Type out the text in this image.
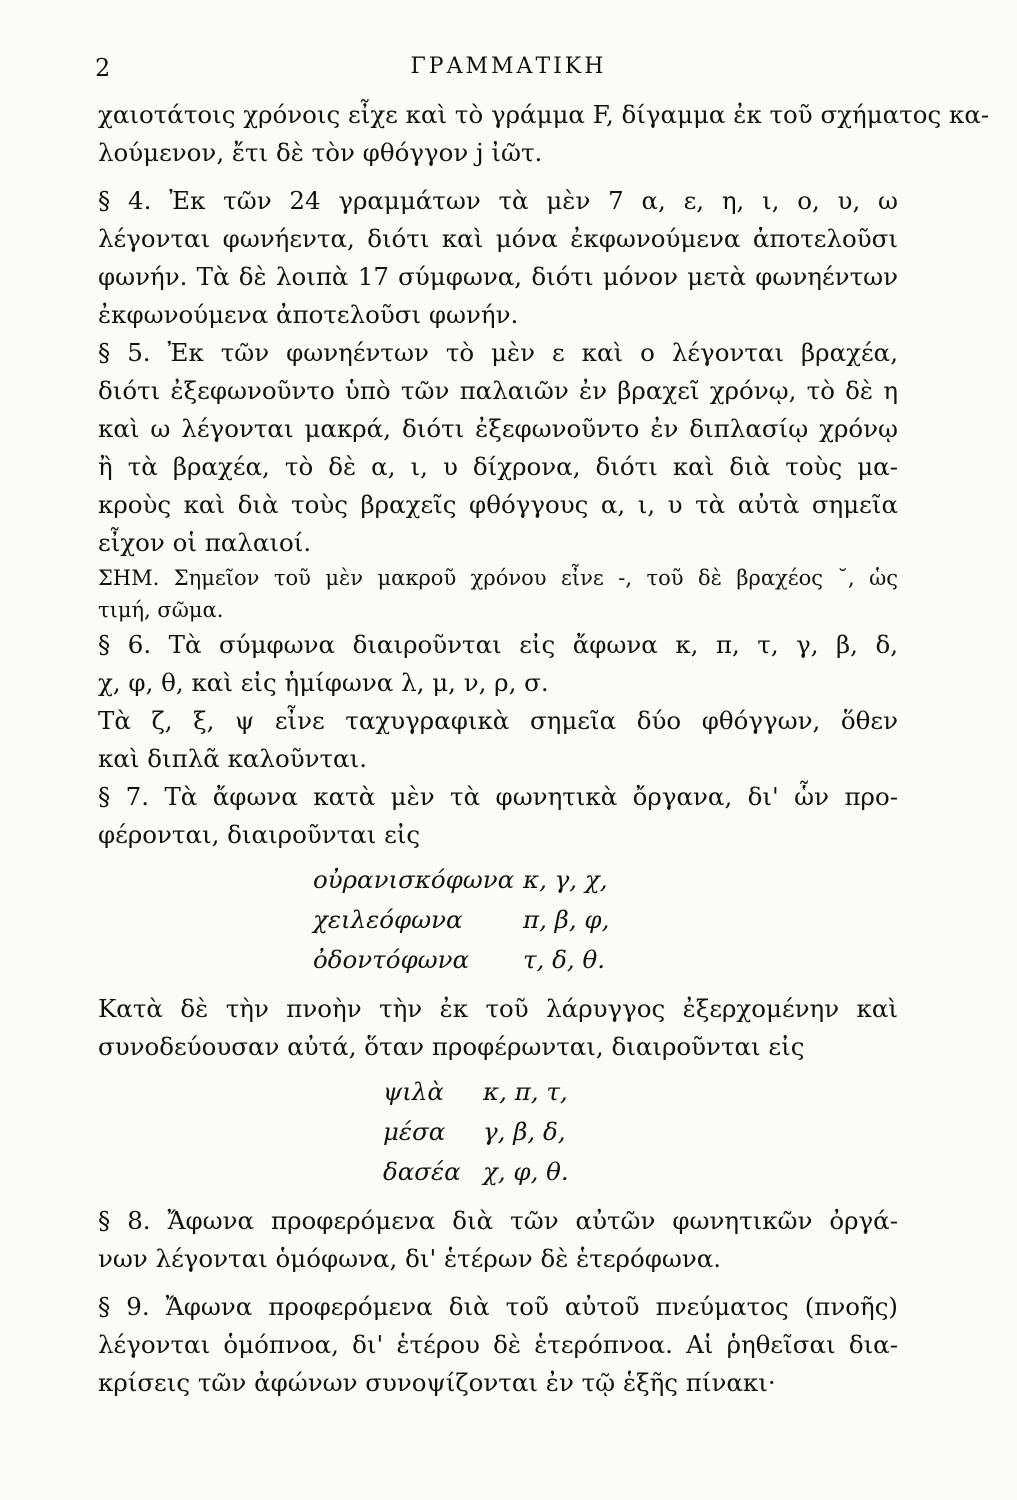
2	ΓΡΑΜΜΑΤΙΚΗ
χαιοτάτοις χρόνοις εἶχε καὶ τὸ γράμμα F, δίγαμμα ἐκ τοῦ σχήματος κα-
λούμενον, ἔτι δὲ τὸν φθόγγον j ἰῶτ.
§ 4. Ἐκ τῶν 24 γραμμάτων τὰ μὲν 7 α, ε, η, ι, ο, υ, ω
λέγονται φωνήεντα, διότι καὶ μόνα ἐκφωνούμενα ἀποτελοῦσι
φωνήν. Τὰ δὲ λοιπὰ 17 σύμφωνα, διότι μόνον μετὰ φωνηέντων
ἐκφωνούμενα ἀποτελοῦσι φωνήν.
§ 5. Ἐκ τῶν φωνηέντων τὸ μὲν ε καὶ ο λέγονται βραχέα,
διότι ἐξεφωνοῦντο ὑπὸ τῶν παλαιῶν ἐν βραχεῖ χρόνῳ, τὸ δὲ η
καὶ ω λέγονται μακρά, διότι ἐξεφωνοῦντο ἐν διπλασίῳ χρόνῳ
ἢ τὰ βραχέα, τὸ δὲ α, ι, υ δίχρονα, διότι καὶ διὰ τοὺς μα-
κροὺς καὶ διὰ τοὺς βραχεῖς φθόγγους α, ι, υ τὰ αὐτὰ σημεῖα
εἶχον οἱ παλαιοί.
ΣΗΜ. Σημεῖον τοῦ μὲν μακροῦ χρόνου εἶνε -, τοῦ δὲ βραχέος ˘, ὡς
τιμή, σῶμα.
§ 6. Τὰ σύμφωνα διαιροῦνται εἰς ἄφωνα κ, π, τ, γ, β, δ,
χ, φ, θ, καὶ εἰς ἡμίφωνα λ, μ, ν, ρ, σ.
Τὰ ζ, ξ, ψ εἶνε ταχυγραφικὰ σημεῖα δύο φθόγγων, ὅθεν
καὶ διπλᾶ καλοῦνται.
§ 7. Τὰ ἄφωνα κατὰ μὲν τὰ φωνητικὰ ὄργανα, δι' ὧν προ-
φέρονται, διαιροῦνται εἰς
οὐρανισκόφωνα κ, γ, χ,
χειλεόφωνα	π, β, φ,
ὀδοντόφωνα	τ, δ, θ.
Κατὰ δὲ τὴν πνοὴν τὴν ἐκ τοῦ λάρυγγος ἐξερχομένην καὶ
συνοδεύουσαν αὐτά, ὅταν προφέρωνται, διαιροῦνται εἰς
ψιλὰ	κ, π, τ,
μέσα	γ, β, δ,
δασέα χ, φ, θ.
§ 8. Ἄφωνα προφερόμενα διὰ τῶν αὐτῶν φωνητικῶν ὀργά-
νων λέγονται ὁμόφωνα, δι' ἑτέρων δὲ ἑτερόφωνα.
§ 9. Ἄφωνα προφερόμενα διὰ τοῦ αὐτοῦ πνεύματος (πνοῆς)
λέγονται ὁμόπνοα, δι' ἑτέρου δὲ ἑτερόπνοα. Αἱ ῥηθεῖσαι δια-
κρίσεις τῶν ἀφώνων συνοψίζονται ἐν τῷ ἑξῆς πίνακι·
